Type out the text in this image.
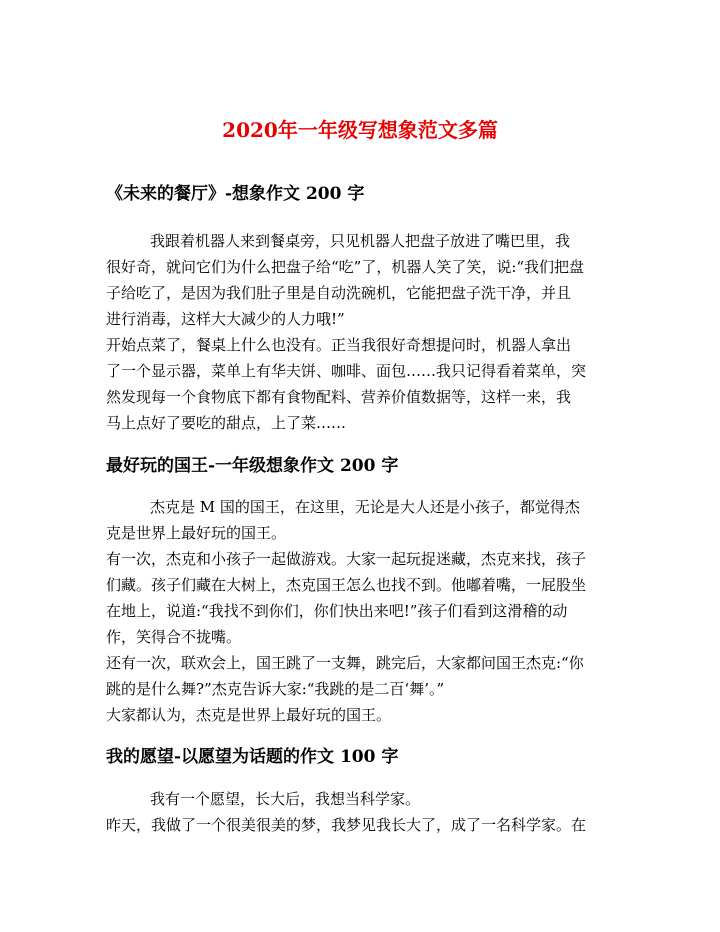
2020年一年级写想象范文多篇
《未来的餐厅》-想象作文 200 字
我跟着机器人来到餐桌旁，只见机器人把盘子放进了嘴巴里，我
很好奇，就问它们为什么把盘子给“吃”了，机器人笑了笑，说:“我们把盘
子给吃了，是因为我们肚子里是自动洗碗机，它能把盘子洗干净，并且
进行消毒，这样大大减少的人力哦!”
开始点菜了，餐桌上什么也没有。正当我很好奇想提问时，机器人拿出
了一个显示器，菜单上有华夫饼、咖啡、面包……我只记得看着菜单，突
然发现每一个食物底下都有食物配料、营养价值数据等，这样一来，我
马上点好了要吃的甜点，上了菜……
最好玩的国王-一年级想象作文 200 字
杰克是 M 国的国王，在这里，无论是大人还是小孩子，都觉得杰
克是世界上最好玩的国王。
有一次，杰克和小孩子一起做游戏。大家一起玩捉迷藏，杰克来找，孩子
们藏。孩子们藏在大树上，杰克国王怎么也找不到。他嘟着嘴，一屁股坐
在地上，说道:“我找不到你们，你们快出来吧!”孩子们看到这滑稽的动
作，笑得合不拢嘴。
还有一次，联欢会上，国王跳了一支舞，跳完后，大家都问国王杰克:“你
跳的是什么舞?”杰克告诉大家:“我跳的是二百‘舞’。”
大家都认为，杰克是世界上最好玩的国王。
我的愿望-以愿望为话题的作文 100 字
我有一个愿望，长大后，我想当科学家。
昨天，我做了一个很美很美的梦，我梦见我长大了，成了一名科学家。在
